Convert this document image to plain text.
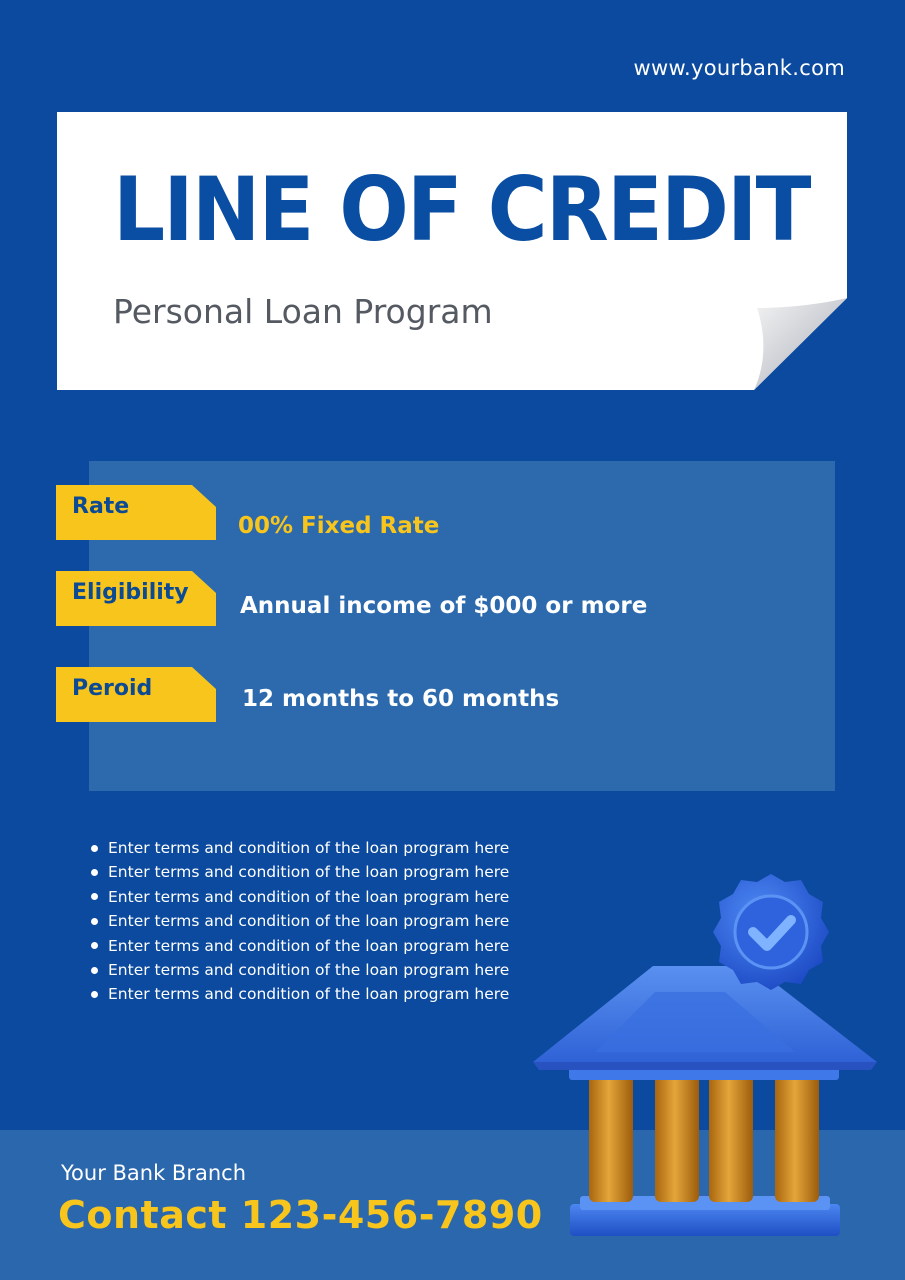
www.yourbank.com
LINE OF CREDIT
Personal Loan Program
Rate
00% Fixed Rate
Eligibility
Annual income of $000 or more
Peroid	12 months to 60 months
Enter terms and condition of the loan program here
Enter terms and condition of the loan program here
Enter terms and condition of the loan program here
Enter terms and condition of the loan program here
Enter terms and condition of the loan program here
Enter terms and condition of the loan program here
Enter terms and condition of the loan program here
Your Bank Branch
Contact 123-456-7890
